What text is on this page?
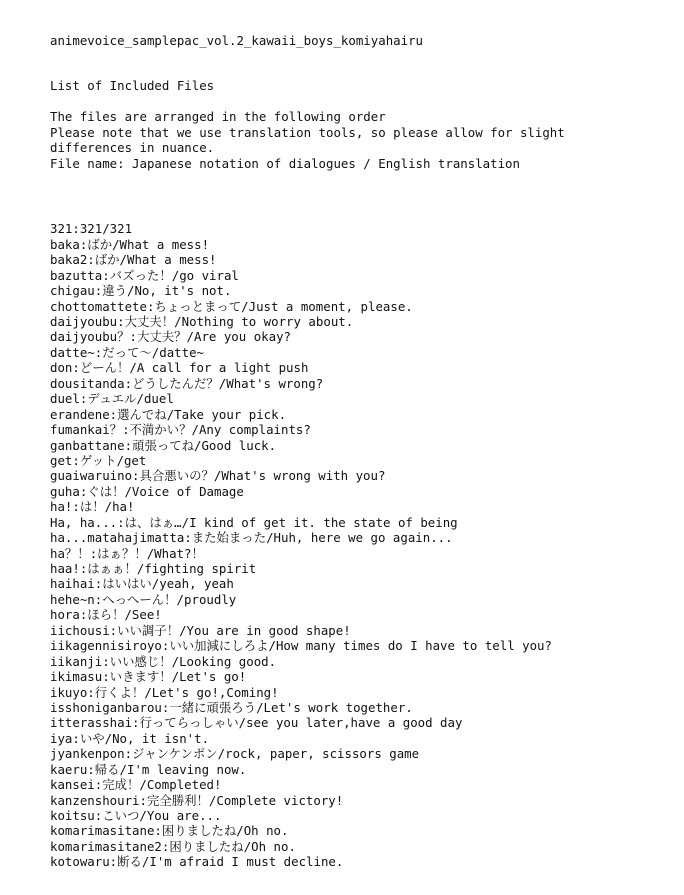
animevoice_samplepac_vol.2_kawaii_boys_komiyahairu
List of Included Files
The files are arranged in the following order
Please note that we use translation tools, so please allow for slight
differences in nuance.
File name: Japanese notation of dialogues / English translation
321:321/321
baka:ばか/What a mess!
baka2:ばか/What a mess!
bazutta:バズった！/go viral
chigau:違う/No, it's not.
chottomattete:ちょっとまって/Just a moment, please.
daijyoubu:大丈夫！/Nothing to worry about.
daijyoubu？:大丈夫？/Are you okay?
datte~:だって〜/datte~
don:どーん！/A call for a light push
dousitanda:どうしたんだ？/What's wrong?
duel:デュエル/duel
erandene:選んでね/Take your pick.
fumankai？:不満かい？/Any complaints?
ganbattane:頑張ってね/Good luck.
get:ゲット/get
guaiwaruino:具合悪いの？/What's wrong with you?
guha:ぐは！/Voice of Damage
ha!:は！/ha!
Ha, ha...:は、はぁ…/I kind of get it. the state of being
ha...matahajimatta:また始まった/Huh, here we go again...
ha？！:はぁ？！/What?！
haa!:はぁぁ！/fighting spirit
haihai:はいはい/yeah, yeah
hehe~n:へっへーん！/proudly
hora:ほら！/See!
iichousi:いい調子！/You are in good shape!
iikagennisiroyo:いい加減にしろよ/How many times do I have to tell you?
iikanji:いい感じ！/Looking good.
ikimasu:いきます！/Let's go!
ikuyo:行くよ！/Let's go!,Coming!
isshoniganbarou:一緒に頑張ろう/Let's work together.
itterasshai:行ってらっしゃい/see you later,have a good day
iya:いや/No, it isn't.
jyankenpon:ジャンケンポン/rock, paper, scissors game
kaeru:帰る/I'm leaving now.
kansei:完成！/Completed!
kanzenshouri:完全勝利！/Complete victory!
koitsu:こいつ/You are...
komarimasitane:困りましたね/Oh no.
komarimasitane2:困りましたね/Oh no.
kotowaru:断る/I'm afraid I must decline.
